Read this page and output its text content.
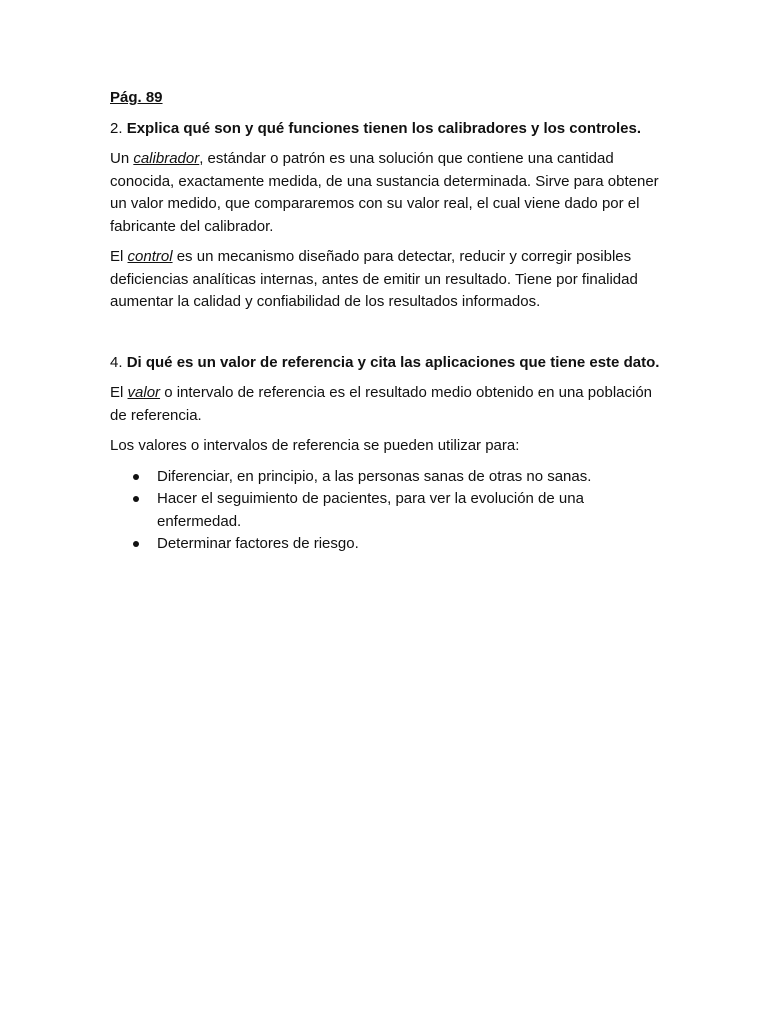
Pág. 89
2. Explica qué son y qué funciones tienen los calibradores y los controles.

Un calibrador, estándar o patrón es una solución que contiene una cantidad conocida, exactamente medida, de una sustancia determinada. Sirve para obtener un valor medido, que compararemos con su valor real, el cual viene dado por el fabricante del calibrador.

El control es un mecanismo diseñado para detectar, reducir y corregir posibles deficiencias analíticas internas, antes de emitir un resultado. Tiene por finalidad aumentar la calidad y confiabilidad de los resultados informados.

4. Di qué es un valor de referencia y cita las aplicaciones que tiene este dato.

El valor o intervalo de referencia es el resultado medio obtenido en una población de referencia.

Los valores o intervalos de referencia se pueden utilizar para:

Diferenciar, en principio, a las personas sanas de otras no sanas.
Hacer el seguimiento de pacientes, para ver la evolución de una enfermedad.
Determinar factores de riesgo.
